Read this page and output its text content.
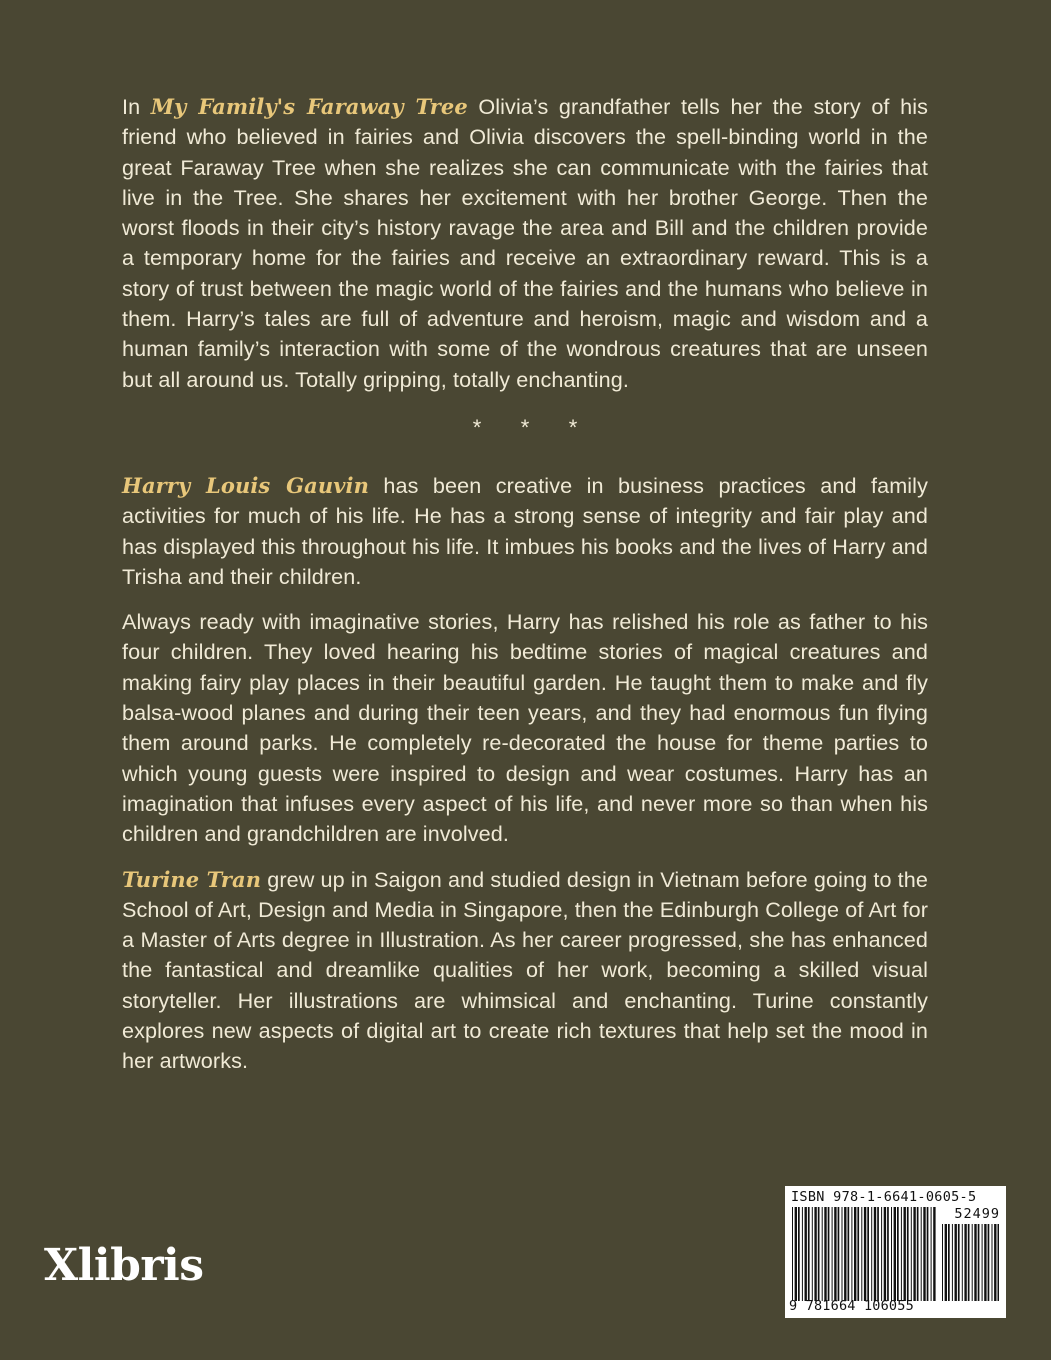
In My Family's Faraway Tree Olivia’s grandfather tells her the story of his friend who believed in fairies and Olivia discovers the spell-binding world in the great Faraway Tree when she realizes she can communicate with the fairies that live in the Tree. She shares her excitement with her brother George. Then the worst floods in their city’s history ravage the area and Bill and the children provide a temporary home for the fairies and receive an extraordinary reward. This is a story of trust between the magic world of the fairies and the humans who believe in them. Harry’s tales are full of adventure and heroism, magic and wisdom and a human family’s interaction with some of the wondrous creatures that are unseen but all around us. Totally gripping, totally enchanting.

* * *

Harry Louis Gauvin has been creative in business practices and family activities for much of his life. He has a strong sense of integrity and fair play and has displayed this throughout his life. It imbues his books and the lives of Harry and Trisha and their children.

Always ready with imaginative stories, Harry has relished his role as father to his four children. They loved hearing his bedtime stories of magical creatures and making fairy play places in their beautiful garden. He taught them to make and fly balsa-wood planes and during their teen years, and they had enormous fun flying them around parks. He completely re-decorated the house for theme parties to which young guests were inspired to design and wear costumes. Harry has an imagination that infuses every aspect of his life, and never more so than when his children and grandchildren are involved.

Turine Tran grew up in Saigon and studied design in Vietnam before going to the School of Art, Design and Media in Singapore, then the Edinburgh College of Art for a Master of Arts degree in Illustration. As her career progressed, she has enhanced the fantastical and dreamlike qualities of her work, becoming a skilled visual storyteller. Her illustrations are whimsical and enchanting. Turine constantly explores new aspects of digital art to create rich textures that help set the mood in her artworks.

Xlibris
ISBN 978-1-6641-0605-5
52499
9 781664 106055
